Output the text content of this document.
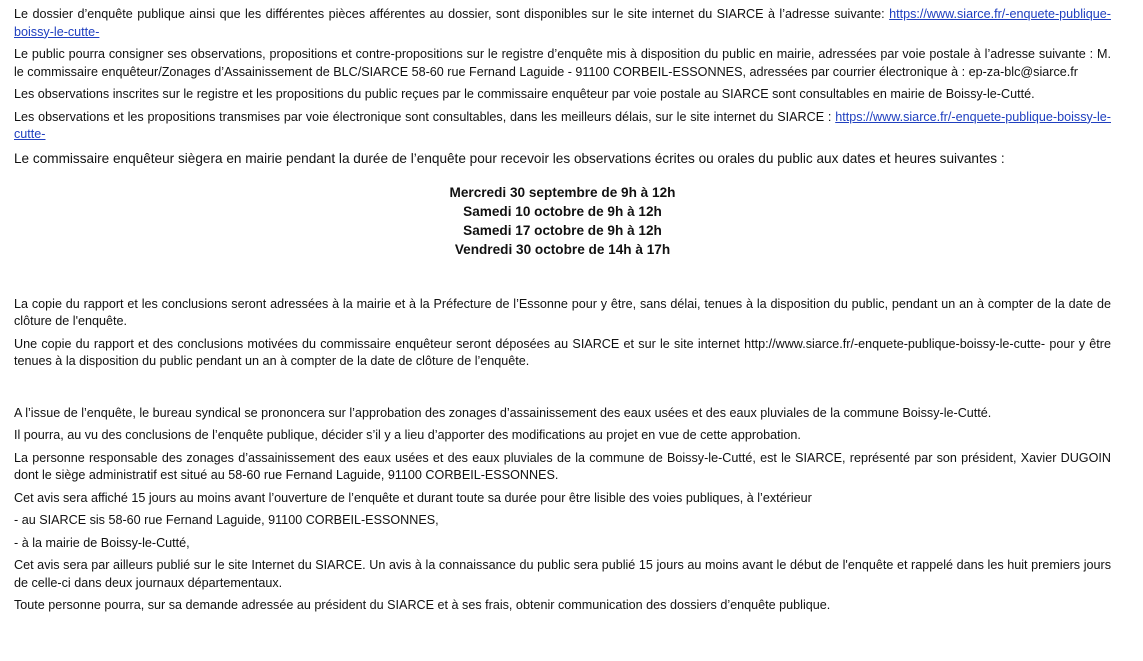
Le dossier d’enquête publique ainsi que les différentes pièces afférentes au dossier, sont disponibles sur le site internet du SIARCE à l’adresse suivante: https://www.siarce.fr/-enquete-publique-boissy-le-cutte-

Le public pourra consigner ses observations, propositions et contre-propositions sur le registre d’enquête mis à disposition du public en mairie, adressées par voie postale à l’adresse suivante : M. le commissaire enquêteur/Zonages d’Assainissement de BLC/SIARCE 58-60 rue Fernand Laguide - 91100 CORBEIL-ESSONNES, adressées par courrier électronique à : ep-za-blc@siarce.fr

Les observations inscrites sur le registre et les propositions du public reçues par le commissaire enquêteur par voie postale au SIARCE sont consultables en mairie de Boissy-le-Cutté.

Les observations et les propositions transmises par voie électronique sont consultables, dans les meilleurs délais, sur le site internet du SIARCE : https://www.siarce.fr/-enquete-publique-boissy-le-cutte-

Le commissaire enquêteur siègera en mairie pendant la durée de l’enquête pour recevoir les observations écrites ou orales du public aux dates et heures suivantes :

Mercredi 30 septembre de 9h à 12h
Samedi 10 octobre de 9h à 12h
Samedi 17 octobre de 9h à 12h
Vendredi 30 octobre de 14h à 17h

La copie du rapport et les conclusions seront adressées à la mairie et à la Préfecture de l’Essonne pour y être, sans délai, tenues à la disposition du public, pendant un an à compter de la date de clôture de l'enquête.

Une copie du rapport et des conclusions motivées du commissaire enquêteur seront déposées au SIARCE et sur le site internet http://www.siarce.fr/-enquete-publique-boissy-le-cutte- pour y être tenues à la disposition du public pendant un an à compter de la date de clôture de l’enquête.

A l’issue de l’enquête, le bureau syndical se prononcera sur l’approbation des zonages d’assainissement des eaux usées et des eaux pluviales de la commune Boissy-le-Cutté.

Il pourra, au vu des conclusions de l’enquête publique, décider s’il y a lieu d’apporter des modifications au projet en vue de cette approbation.

La personne responsable des zonages d’assainissement des eaux usées et des eaux pluviales de la commune de Boissy-le-Cutté, est le SIARCE, représenté par son président, Xavier DUGOIN dont le siège administratif est situé au 58-60 rue Fernand Laguide, 91100 CORBEIL-ESSONNES.

Cet avis sera affiché 15 jours au moins avant l’ouverture de l’enquête et durant toute sa durée pour être lisible des voies publiques, à l’extérieur

- au SIARCE sis 58-60 rue Fernand Laguide, 91100 CORBEIL-ESSONNES,

- à la mairie de Boissy-le-Cutté,

Cet avis sera par ailleurs publié sur le site Internet du SIARCE. Un avis à la connaissance du public sera publié 15 jours au moins avant le début de l'enquête et rappelé dans les huit premiers jours de celle-ci dans deux journaux départementaux.

Toute personne pourra, sur sa demande adressée au président du SIARCE et à ses frais, obtenir communication des dossiers d’enquête publique.
